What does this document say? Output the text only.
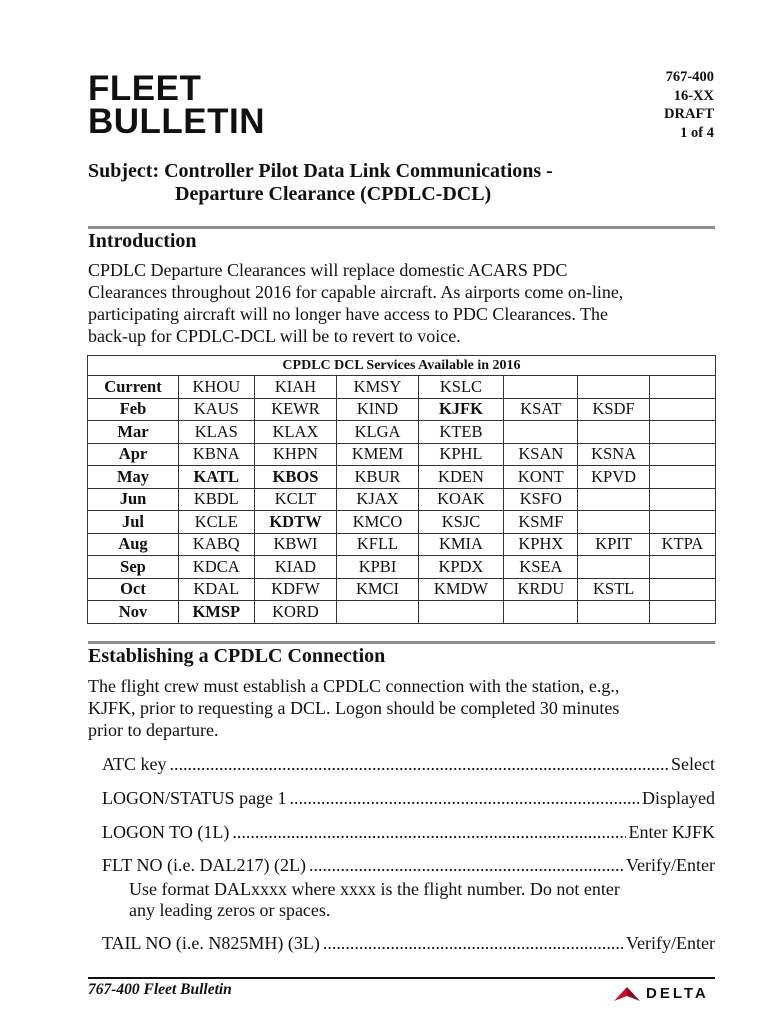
FLEET
BULLETIN
767-400
16-XX
DRAFT
1 of 4
Subject: Controller Pilot Data Link Communications -
Departure Clearance (CPDLC-DCL)
Introduction
CPDLC Departure Clearances will replace domestic ACARS PDC
Clearances throughout 2016 for capable aircraft. As airports come on-line,
participating aircraft will no longer have access to PDC Clearances. The
back-up for CPDLC-DCL will be to revert to voice.
CPDLC DCL Services Available in 2016							
Current	KHOU	KIAH	KMSY	KSLC			
Feb	KAUS	KEWR	KIND	KJFK	KSAT	KSDF	
Mar	KLAS	KLAX	KLGA	KTEB			
Apr	KBNA	KHPN	KMEM	KPHL	KSAN	KSNA	
May	KATL	KBOS	KBUR	KDEN	KONT	KPVD	
Jun	KBDL	KCLT	KJAX	KOAK	KSFO		
Jul	KCLE	KDTW	KMCO	KSJC	KSMF		
Aug	KABQ	KBWI	KFLL	KMIA	KPHX	KPIT	KTPA
Sep	KDCA	KIAD	KPBI	KPDX	KSEA		
Oct	KDAL	KDFW	KMCI	KMDW	KRDU	KSTL	
Nov	KMSP	KORD					
Establishing a CPDLC Connection
The flight crew must establish a CPDLC connection with the station, e.g.,
KJFK, prior to requesting a DCL. Logon should be completed 30 minutes
prior to departure.
ATC key .....	Select
LOGON/STATUS page 1 .....	Displayed
LOGON TO (1L) .....	Enter KJFK
FLT NO (i.e. DAL217) (2L) .....	Verify/Enter
Use format DALxxxx where xxxx is the flight number. Do not enter
any leading zeros or spaces.
TAIL NO (i.e. N825MH) (3L) .....	Verify/Enter
767-400 Fleet Bulletin	DELTA
